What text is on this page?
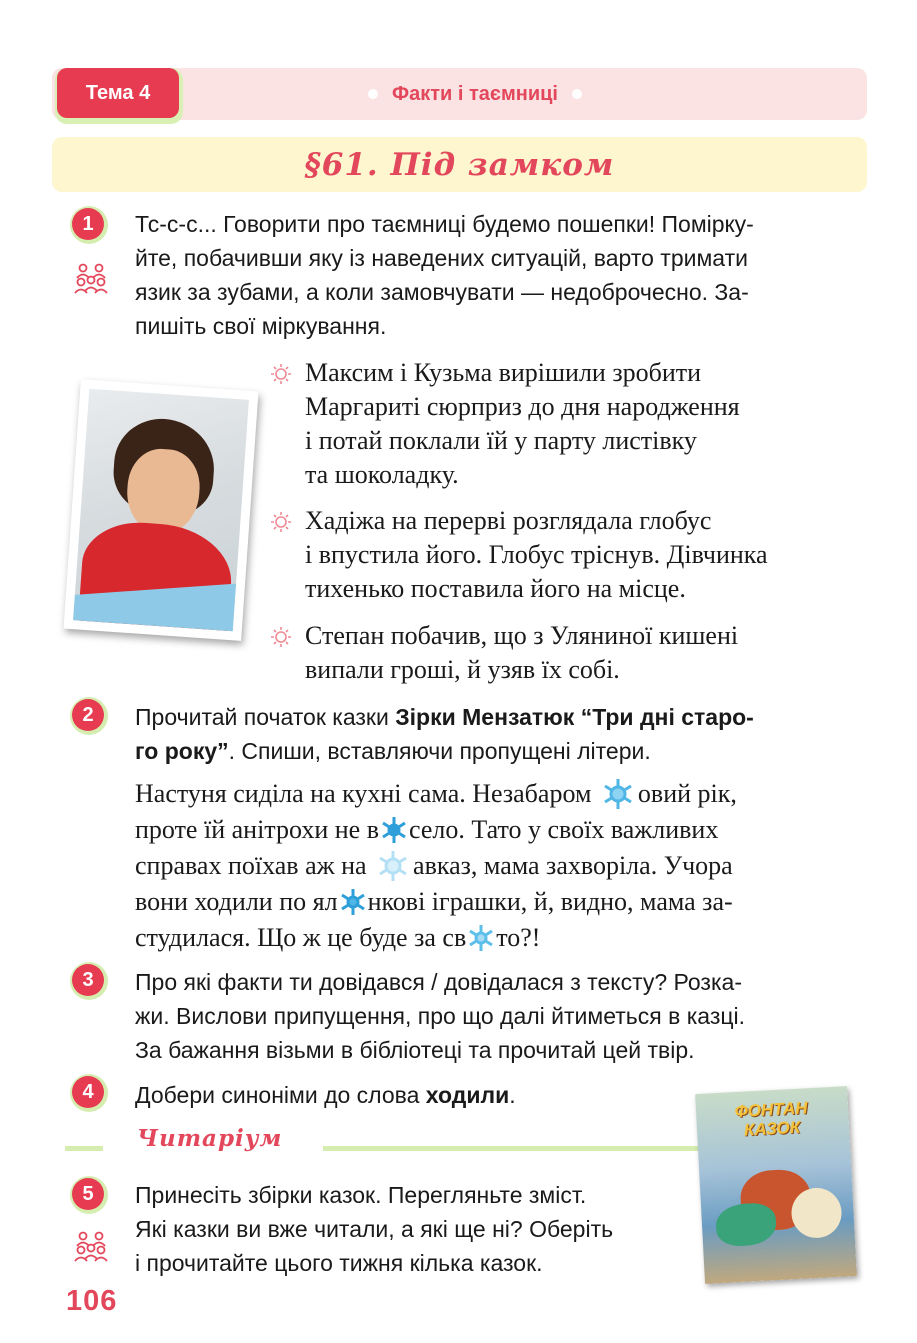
Тема 4	Факти і таємниці
§61. Під замком
1	Тс-с-с... Говорити про таємниці будемо пошепки! Поміркy-
йте, побачивши яку із наведених ситуацій, варто тримати
язик за зубами, а коли замовчувати — недоброчесно. За-
пишіть свої міркування.
Максим і Кузьма вирішили зробити
Маргариті сюрприз до дня народження
і потай поклали їй у парту листівку
та шоколадку.
Хадіжа на перерві розглядала глобус
і впустила його. Глобус тріснув. Дівчинка
тихенько поставила його на місце.
Степан побачив, що з Уляниної кишені
випали гроші, й узяв їх собі.
2	Прочитай початок казки Зірки Мензатюк “Три дні старо-
го року”. Спиши, вставляючи пропущені літери.
Настуня сиділа на кухні сама. Незабаром овий рік,
проте їй анітрохи не в село. Тато у своїх важливих
справах поїхав аж на авказ, мама захворіла. Учора
вони ходили по ял нкові іграшки, й, видно, мама за-
студилася. Що ж це буде за св то?!
3	Про які факти ти довідався / довідалася з тексту? Розка-
жи. Вислови припущення, про що далі йтиметься в казці.
За бажання візьми в бібліотеці та прочитай цей твір.
4	Добери синоніми до слова ходили.
Читаріум
5	Принесіть збірки казок. Перегляньте зміст.
Які казки ви вже читали, а які ще ні? Оберіть
і прочитайте цього тижня кілька казок.
ФОНТАН
КАЗОК
106
